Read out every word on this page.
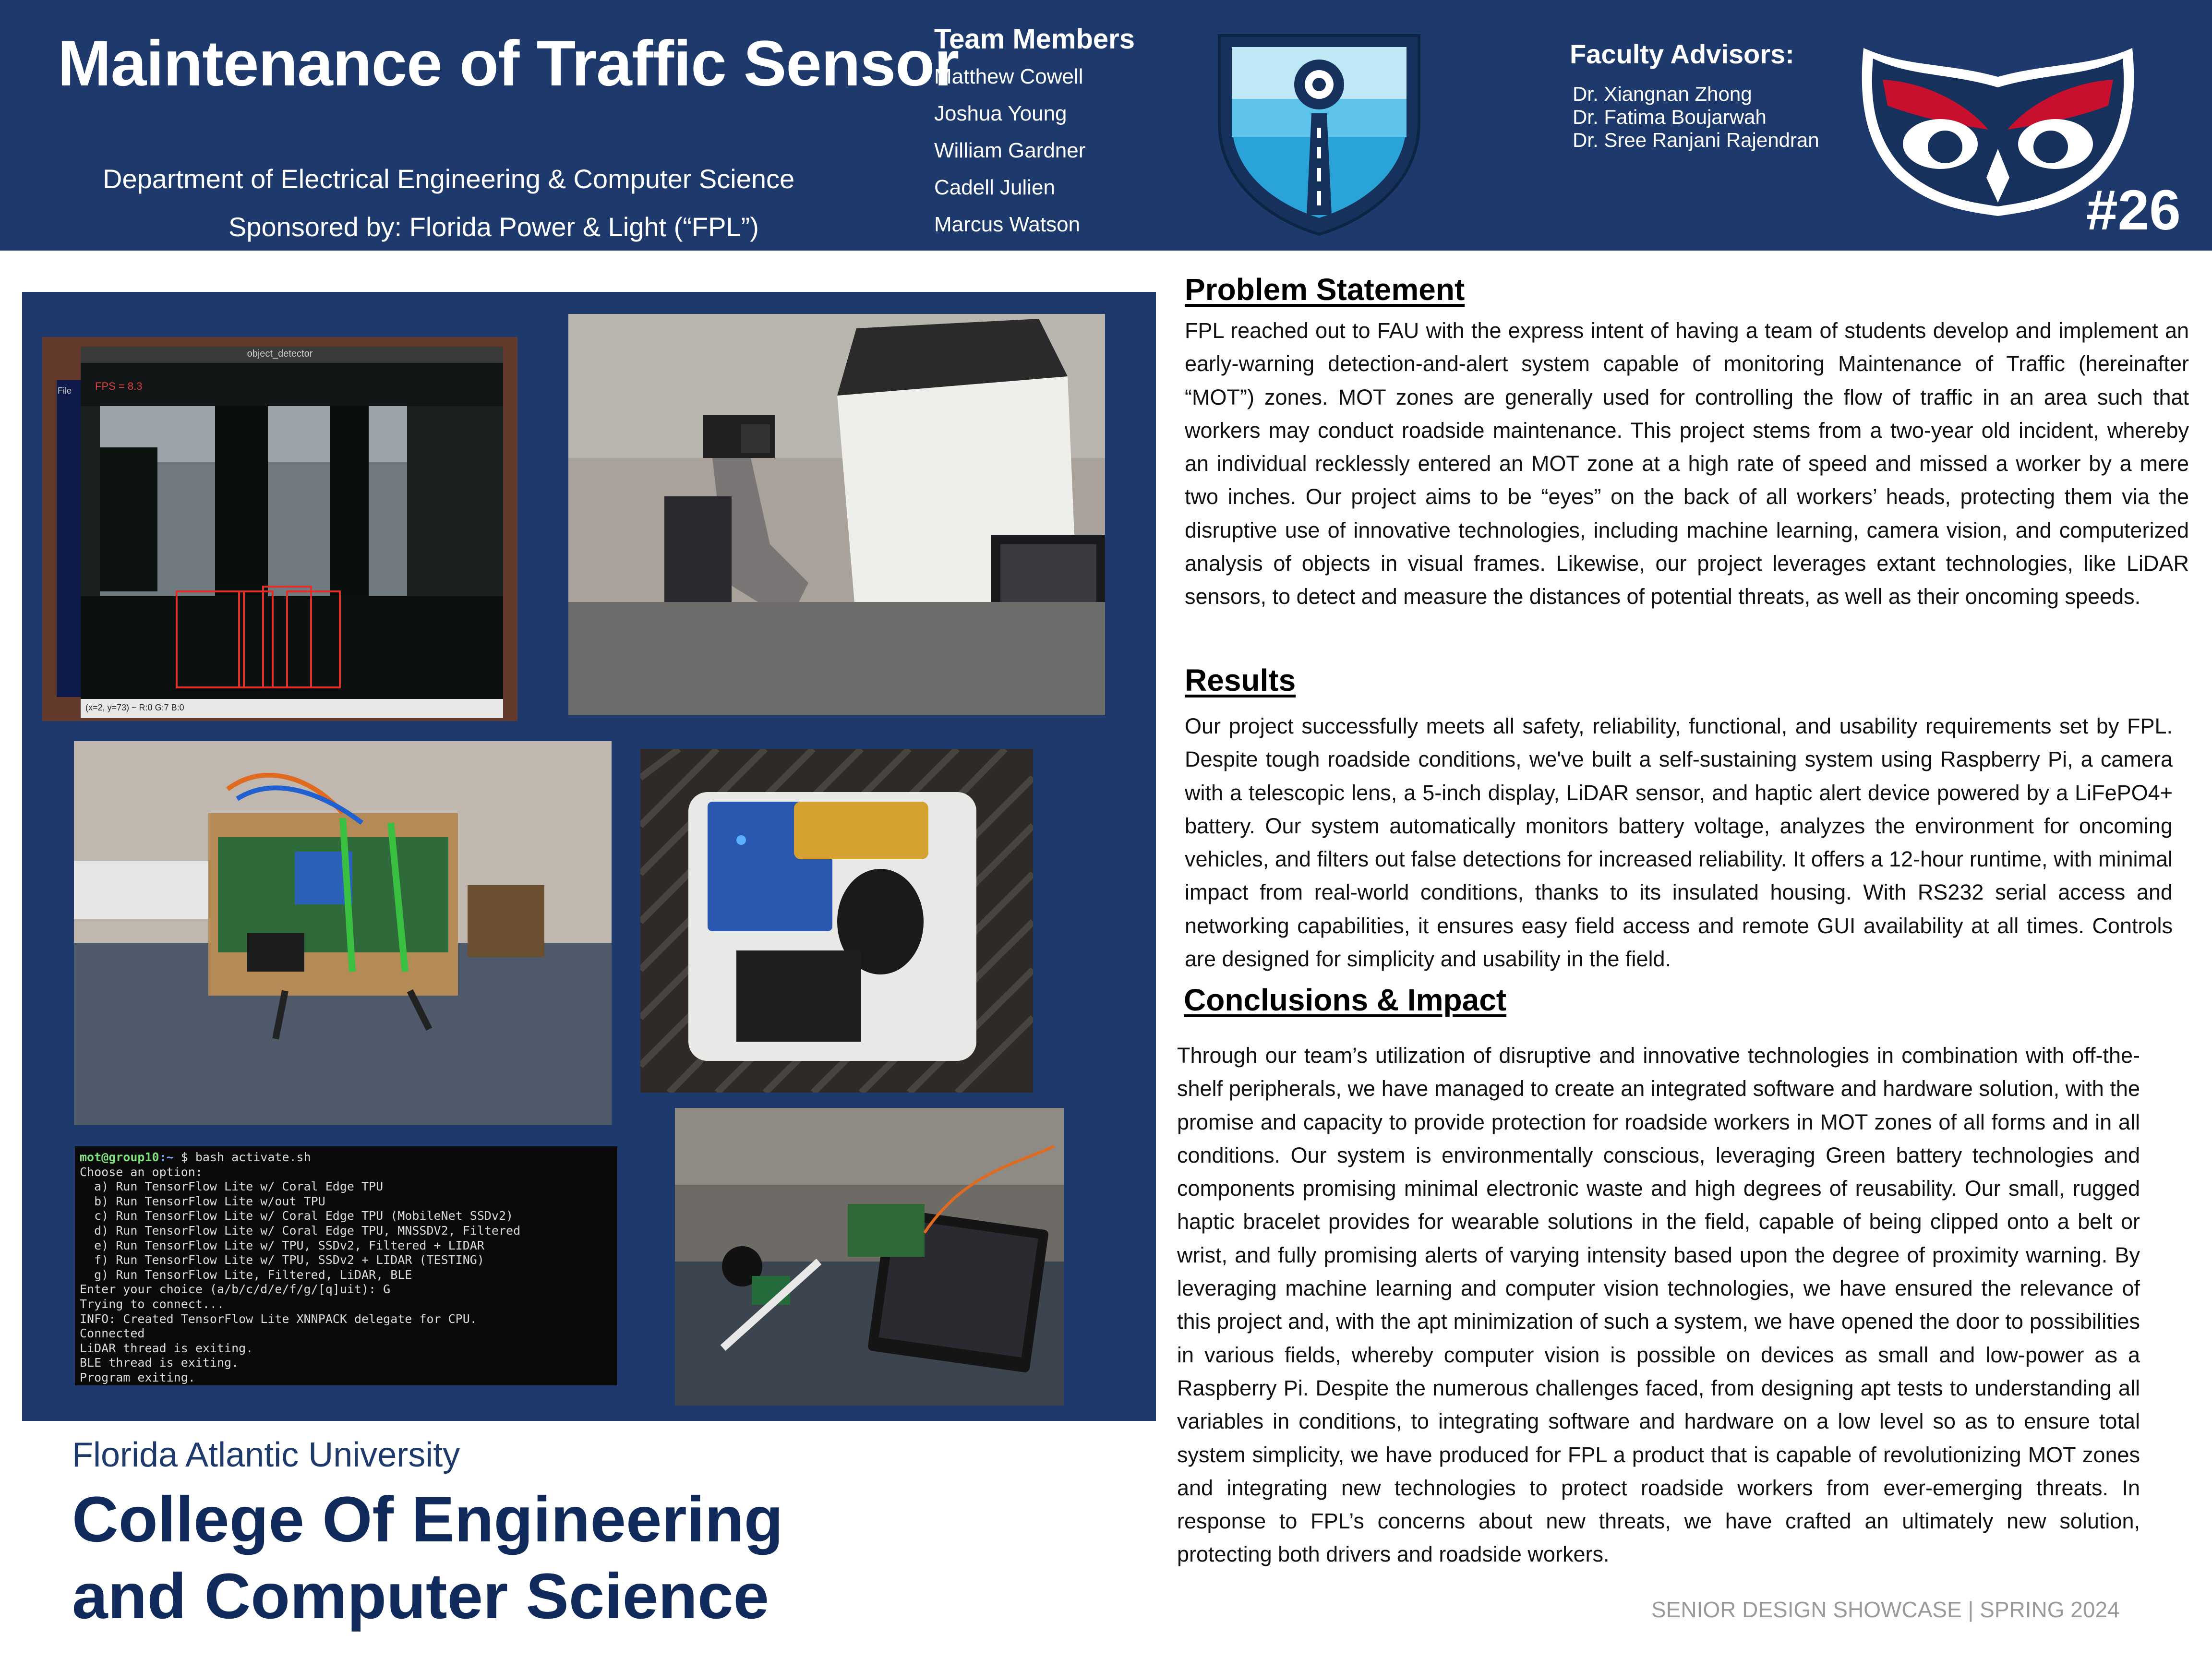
Maintenance of Traffic Sensor
Department of Electrical Engineering & Computer Science
Sponsored by: Florida Power & Light (“FPL”)
Team Members
Matthew Cowell
Joshua Young
William Gardner
Cadell Julien
Marcus Watson
Faculty Advisors:
Dr. Xiangnan Zhong
Dr. Fatima Boujarwah
Dr. Sree Ranjani Rajendran
#26
object_detector
File FPS = 8.3
(x=2, y=73) ~ R:0 G:7 B:0
mot@group10:~ $ bash activate.sh
Choose an option:
a) Run TensorFlow Lite w/ Coral Edge TPU
b) Run TensorFlow Lite w/out TPU
c) Run TensorFlow Lite w/ Coral Edge TPU (MobileNet SSDv2)
d) Run TensorFlow Lite w/ Coral Edge TPU, MNSSDV2, Filtered
e) Run TensorFlow Lite w/ TPU, SSDv2, Filtered + LIDAR
f) Run TensorFlow Lite w/ TPU, SSDv2 + LIDAR (TESTING)
g) Run TensorFlow Lite, Filtered, LiDAR, BLE
Enter your choice (a/b/c/d/e/f/g/[q]uit): G
Trying to connect...
INFO: Created TensorFlow Lite XNNPACK delegate for CPU.
Connected
LiDAR thread is exiting.
BLE thread is exiting.
Program exiting.
Florida Atlantic University
College Of Engineering
and Computer Science
Problem Statement

FPL reached out to FAU with the express intent of having a team of students develop and implement an early-warning detection-and-alert system capable of monitoring Maintenance of Traffic (hereinafter “MOT”) zones. MOT zones are generally used for controlling the flow of traffic in an area such that workers may conduct roadside maintenance. This project stems from a two-year old incident, whereby an individual recklessly entered an MOT zone at a high rate of speed and missed a worker by a mere two inches. Our project aims to be “eyes” on the back of all workers’ heads, protecting them via the disruptive use of innovative technologies, including machine learning, camera vision, and computerized analysis of objects in visual frames. Likewise, our project leverages extant technologies, like LiDAR sensors, to detect and measure the distances of potential threats, as well as their oncoming speeds.

Results

Our project successfully meets all safety, reliability, functional, and usability requirements set by FPL. Despite tough roadside conditions, we've built a self-sustaining system using Raspberry Pi, a camera with a telescopic lens, a 5-inch display, LiDAR sensor, and haptic alert device powered by a LiFePO4+ battery. Our system automatically monitors battery voltage, analyzes the environment for oncoming vehicles, and filters out false detections for increased reliability. It offers a 12-hour runtime, with minimal impact from real-world conditions, thanks to its insulated housing. With RS232 serial access and networking capabilities, it ensures easy field access and remote GUI availability at all times. Controls are designed for simplicity and usability in the field.

Conclusions & Impact

Through our team’s utilization of disruptive and innovative technologies in combination with off-the-shelf peripherals, we have managed to create an integrated software and hardware solution, with the promise and capacity to provide protection for roadside workers in MOT zones of all forms and in all conditions. Our system is environmentally conscious, leveraging Green battery technologies and components promising minimal electronic waste and high degrees of reusability. Our small, rugged haptic bracelet provides for wearable solutions in the field, capable of being clipped onto a belt or wrist, and fully promising alerts of varying intensity based upon the degree of proximity warning. By leveraging machine learning and computer vision technologies, we have ensured the relevance of this project and, with the apt minimization of such a system, we have opened the door to possibilities in various fields, whereby computer vision is possible on devices as small and low-power as a Raspberry Pi. Despite the numerous challenges faced, from designing apt tests to understanding all variables in conditions, to integrating software and hardware on a low level so as to ensure total system simplicity, we have produced for FPL a product that is capable of revolutionizing MOT zones and integrating new technologies to protect roadside workers from ever-emerging threats. In response to FPL’s concerns about new threats, we have crafted an ultimately new solution, protecting both drivers and roadside workers.

SENIOR DESIGN SHOWCASE | SPRING 2024
